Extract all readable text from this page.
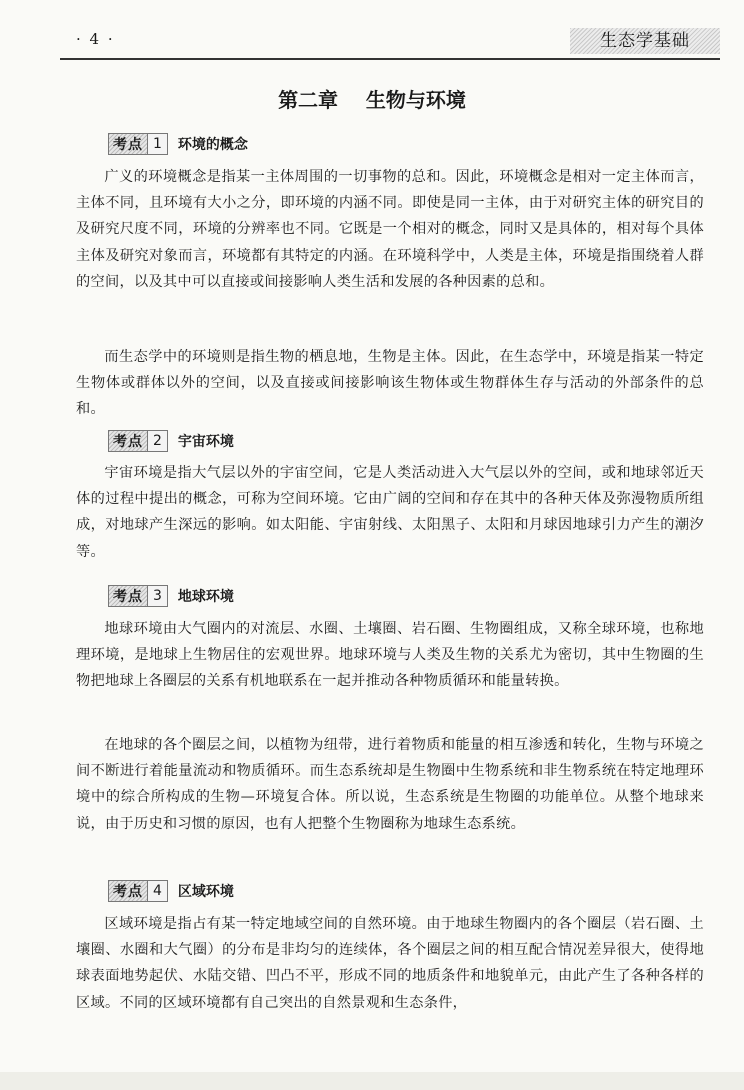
· 4 ·	生态学基础
第二章    生物与环境
考点 1	环境的概念

广义的环境概念是指某一主体周围的一切事物的总和。因此，环境概念是相对一定主体而言，主体不同，且环境有大小之分，即环境的内涵不同。即使是同一主体，由于对研究主体的研究目的及研究尺度不同，环境的分辨率也不同。它既是一个相对的概念，同时又是具体的，相对每个具体主体及研究对象而言，环境都有其特定的内涵。在环境科学中，人类是主体，环境是指围绕着人群的空间，以及其中可以直接或间接影响人类生活和发展的各种因素的总和。

而生态学中的环境则是指生物的栖息地，生物是主体。因此，在生态学中，环境是指某一特定生物体或群体以外的空间，以及直接或间接影响该生物体或生物群体生存与活动的外部条件的总和。

考点 2	宇宙环境

宇宙环境是指大气层以外的宇宙空间，它是人类活动进入大气层以外的空间，或和地球邻近天体的过程中提出的概念，可称为空间环境。它由广阔的空间和存在其中的各种天体及弥漫物质所组成，对地球产生深远的影响。如太阳能、宇宙射线、太阳黑子、太阳和月球因地球引力产生的潮汐等。

考点 3	地球环境

地球环境由大气圈内的对流层、水圈、土壤圈、岩石圈、生物圈组成，又称全球环境，也称地理环境，是地球上生物居住的宏观世界。地球环境与人类及生物的关系尤为密切，其中生物圈的生物把地球上各圈层的关系有机地联系在一起并推动各种物质循环和能量转换。

在地球的各个圈层之间，以植物为纽带，进行着物质和能量的相互渗透和转化，生物与环境之间不断进行着能量流动和物质循环。而生态系统却是生物圈中生物系统和非生物系统在特定地理环境中的综合所构成的生物—环境复合体。所以说，生态系统是生物圈的功能单位。从整个地球来说，由于历史和习惯的原因，也有人把整个生物圈称为地球生态系统。

考点 4	区域环境

区域环境是指占有某一特定地域空间的自然环境。由于地球生物圈内的各个圈层（岩石圈、土壤圈、水圈和大气圈）的分布是非均匀的连续体，各个圈层之间的相互配合情况差异很大，使得地球表面地势起伏、水陆交错、凹凸不平，形成不同的地质条件和地貌单元，由此产生了各种各样的区域。不同的区域环境都有自己突出的自然景观和生态条件，
